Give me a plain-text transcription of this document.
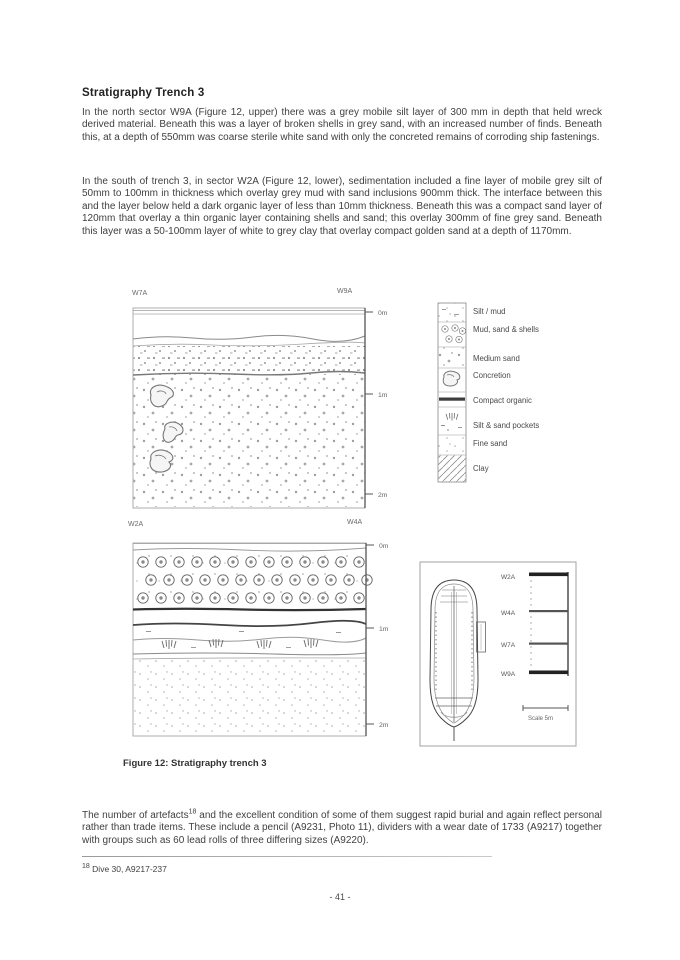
Stratigraphy Trench 3

In the north sector W9A (Figure 12, upper) there was a grey mobile silt layer of 300 mm in depth that held wreck derived material. Beneath this was a layer of broken shells in grey sand, with an increased number of finds. Beneath this, at a depth of 550mm was coarse sterile white sand with only the concreted remains of corroding ship fastenings.

In the south of trench 3, in sector W2A (Figure 12, lower), sedimentation included a fine layer of mobile grey silt of 50mm to 100mm in thickness which overlay grey mud with sand inclusions 900mm thick. The interface between this and the layer below held a dark organic layer of less than 10mm thickness. Beneath this was a compact sand layer of 120mm that overlay a thin organic layer containing shells and sand; this overlay 300mm of fine grey sand. Beneath this layer was a 50-100mm layer of white to grey clay that overlay compact golden sand at a depth of 1170mm.

W7A	W9A
0m
1m
2m
Silt / mud
Mud, sand & shells
Medium sand
Concretion
Compact organic
Silt & sand pockets
Fine sand
Clay
W2A	W4A
0m
1m
2m
W2A
W4A
W7A
W9A
Scale 5m
Figure 12: Stratigraphy trench 3

The number of artefacts$^{18}$ and the excellent condition of some of them suggest rapid burial and again reflect personal rather than trade items. These include a pencil (A9231, Photo 11), dividers with a wear date of 1733 (A9217) together with groups such as 60 lead rolls of three differing sizes (A9220).

$^{18}$ Dive 30, A9217-237
- 41 -
